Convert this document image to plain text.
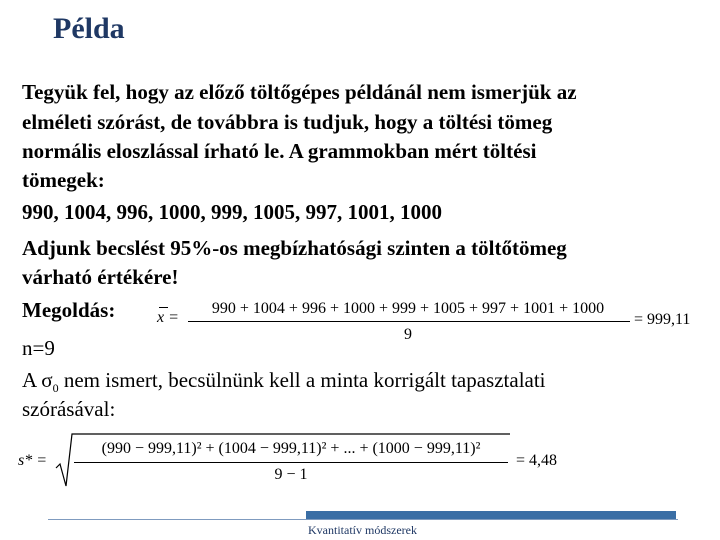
Példa
Tegyük fel, hogy az előző töltőgépes példánál nem ismerjük az
elméleti szórást, de továbbra is tudjuk, hogy a töltési tömeg
normális eloszlással írható le. A grammokban mért töltési
tömegek:
990, 1004, 996, 1000, 999, 1005, 997, 1001, 1000
Adjunk becslést 95%-os megbízhatósági szinten a töltőtömeg
várható értékére!
Megoldás:
n=9
A $\sigma_0$ nem ismert, becsülnünk kell a minta korrigált tapasztalati
szórásával:
x =
990 + 1004 + 996 + 1000 + 999 + 1005 + 997 + 1001 + 1000
9
= 999,11
s* =
(990 − 999,11)² + (1004 − 999,11)² + ... + (1000 − 999,11)²
9 − 1
= 4,48
Kvantitatív módszerek
